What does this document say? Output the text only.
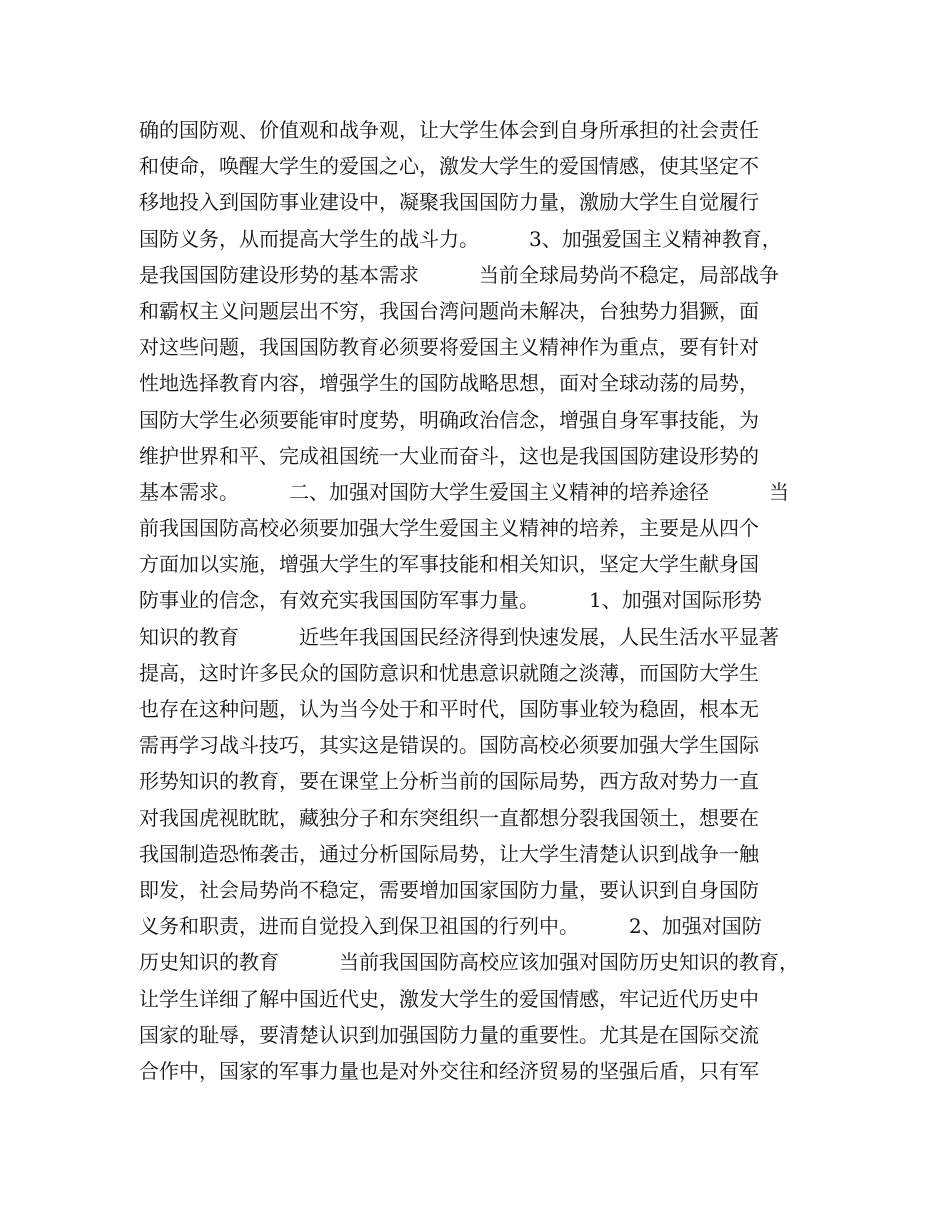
确的国防观、价值观和战争观，让大学生体会到自身所承担的社会责任
和使命，唤醒大学生的爱国之心，激发大学生的爱国情感，使其坚定不
移地投入到国防事业建设中，凝聚我国国防力量，激励大学生自觉履行
国防义务，从而提高大学生的战斗力。　　　3、加强爱国主义精神教育，
是我国国防建设形势的基本需求　　　当前全球局势尚不稳定，局部战争
和霸权主义问题层出不穷，我国台湾问题尚未解决，台独势力猖獗，面
对这些问题，我国国防教育必须要将爱国主义精神作为重点，要有针对
性地选择教育内容，增强学生的国防战略思想，面对全球动荡的局势，
国防大学生必须要能审时度势，明确政治信念，增强自身军事技能，为
维护世界和平、完成祖国统一大业而奋斗，这也是我国国防建设形势的
基本需求。　　　二、加强对国防大学生爱国主义精神的培养途径　　　当
前我国国防高校必须要加强大学生爱国主义精神的培养，主要是从四个
方面加以实施，增强大学生的军事技能和相关知识，坚定大学生献身国
防事业的信念，有效充实我国国防军事力量。　　　1、加强对国际形势
知识的教育　　　近些年我国国民经济得到快速发展，人民生活水平显著
提高，这时许多民众的国防意识和忧患意识就随之淡薄，而国防大学生
也存在这种问题，认为当今处于和平时代，国防事业较为稳固，根本无
需再学习战斗技巧，其实这是错误的。国防高校必须要加强大学生国际
形势知识的教育，要在课堂上分析当前的国际局势，西方敌对势力一直
对我国虎视眈眈，藏独分子和东突组织一直都想分裂我国领土，想要在
我国制造恐怖袭击，通过分析国际局势，让大学生清楚认识到战争一触
即发，社会局势尚不稳定，需要增加国家国防力量，要认识到自身国防
义务和职责，进而自觉投入到保卫祖国的行列中。　　　2、加强对国防
历史知识的教育　　　当前我国国防高校应该加强对国防历史知识的教育，
让学生详细了解中国近代史，激发大学生的爱国情感，牢记近代历史中
国家的耻辱，要清楚认识到加强国防力量的重要性。尤其是在国际交流
合作中，国家的军事力量也是对外交往和经济贸易的坚强后盾，只有军
